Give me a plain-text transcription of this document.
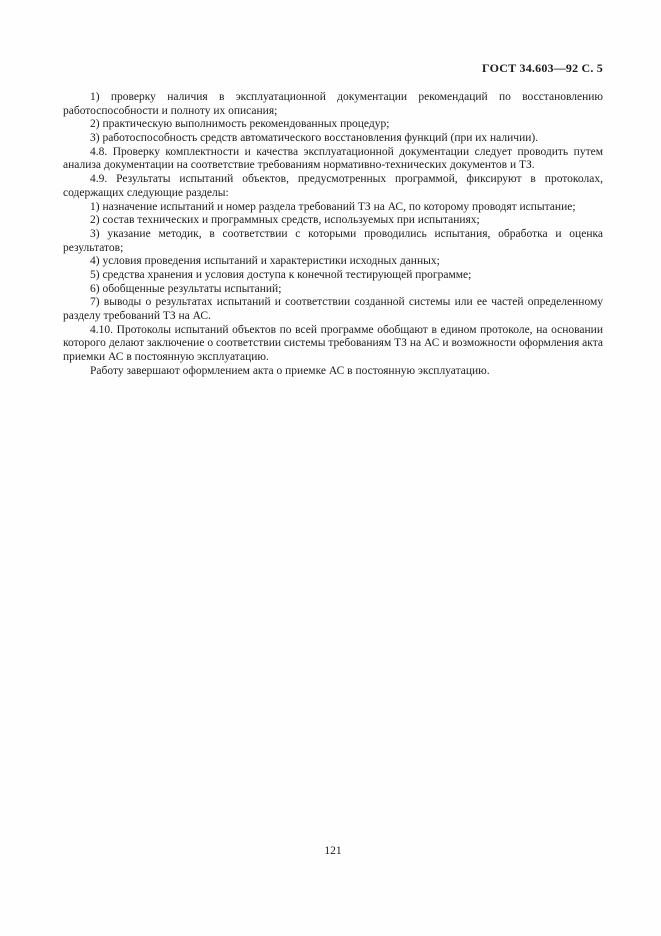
ГОСТ 34.603—92 С. 5

1) проверку наличия в эксплуатационной документации рекомендаций по восстановлению работоспособности и полноту их описания;

2) практическую выполнимость рекомендованных процедур;

3) работоспособность средств автоматического восстановления функций (при их наличии).

4.8. Проверку комплектности и качества эксплуатационной документации следует проводить путем анализа документации на соответствие требованиям нормативно-технических документов и ТЗ.

4.9. Результаты испытаний объектов, предусмотренных программой, фиксируют в протоколах, содержащих следующие разделы:

1) назначение испытаний и номер раздела требований ТЗ на АС, по которому проводят испытание;

2) состав технических и программных средств, используемых при испытаниях;

3) указание методик, в соответствии с которыми проводились испытания, обработка и оценка результатов;

4) условия проведения испытаний и характеристики исходных данных;

5) средства хранения и условия доступа к конечной тестирующей программе;

6) обобщенные результаты испытаний;

7) выводы о результатах испытаний и соответствии созданной системы или ее частей определенному разделу требований ТЗ на АС.

4.10. Протоколы испытаний объектов по всей программе обобщают в едином протоколе, на основании которого делают заключение о соответствии системы требованиям ТЗ на АС и возможности оформления акта приемки АС в постоянную эксплуатацию.

Работу завершают оформлением акта о приемке АС в постоянную эксплуатацию.

121
